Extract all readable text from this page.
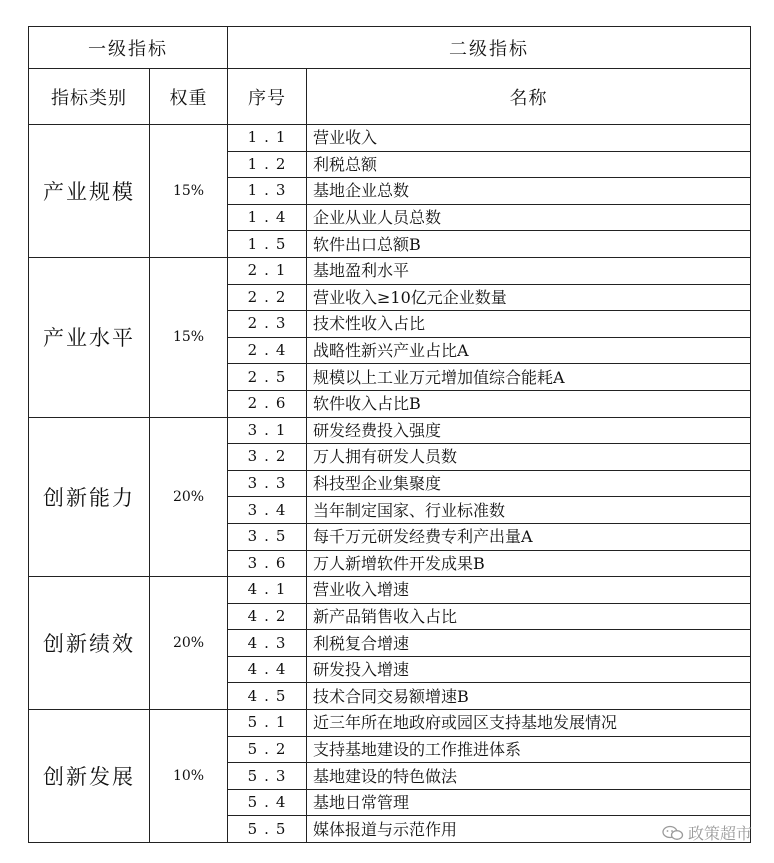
一级指标		二级指标	
指标类别	权重	序号	名称
产业规模	15%	1.1	营业收入
		1.2	利税总额
		1.3	基地企业总数
		1.4	企业从业人员总数
		1.5	软件出口总额B
产业水平	15%	2.1	基地盈利水平
		2.2	营业收入≥10亿元企业数量
		2.3	技术性收入占比
		2.4	战略性新兴产业占比A
		2.5	规模以上工业万元增加值综合能耗A
		2.6	软件收入占比B
创新能力	20%	3.1	研发经费投入强度
		3.2	万人拥有研发人员数
		3.3	科技型企业集聚度
		3.4	当年制定国家、行业标准数
		3.5	每千万元研发经费专利产出量A
		3.6	万人新增软件开发成果B
创新绩效	20%	4.1	营业收入增速
		4.2	新产品销售收入占比
		4.3	利税复合增速
		4.4	研发投入增速
		4.5	技术合同交易额增速B
创新发展	10%	5.1	近三年所在地政府或园区支持基地发展情况
		5.2	支持基地建设的工作推进体系
		5.3	基地建设的特色做法
		5.4	基地日常管理
		5.5	媒体报道与示范作用	政策超市
